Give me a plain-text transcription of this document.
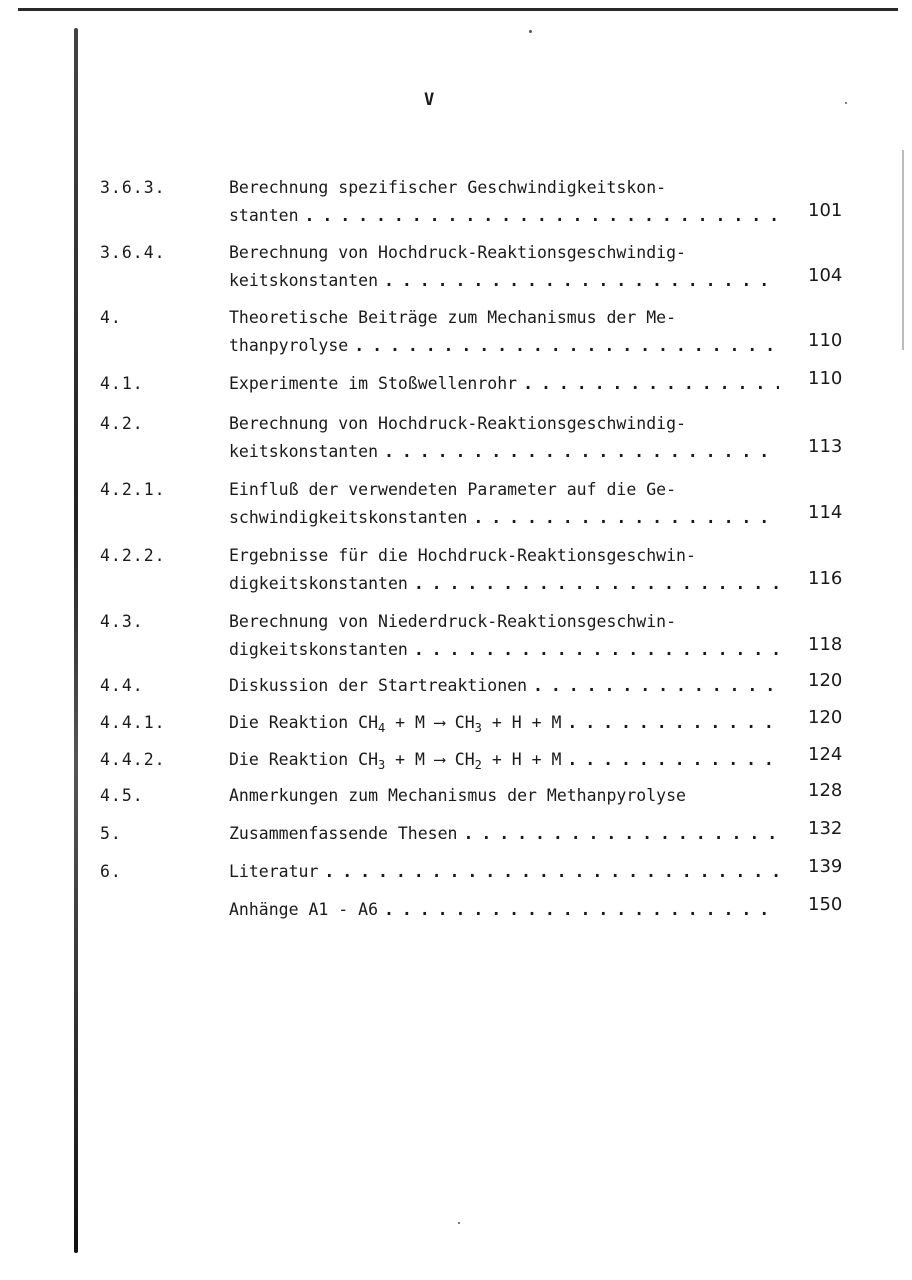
V
3.6.3.	Berechnung spezifischer Geschwindigkeitskon-
stanten . . .	101
3.6.4.	Berechnung von Hochdruck-Reaktionsgeschwindig-
keitskonstanten . . .	104
4.	Theoretische Beiträge zum Mechanismus der Me-
thanpyrolyse . . .	110
4.1.	Experimente im Stoßwellenrohr . . .	110
4.2.	Berechnung von Hochdruck-Reaktionsgeschwindig-
keitskonstanten . . .	113
4.2.1.	Einfluß der verwendeten Parameter auf die Ge-
schwindigkeitskonstanten . . .	114
4.2.2.	Ergebnisse für die Hochdruck-Reaktionsgeschwin-
digkeitskonstanten . . .	116
4.3.	Berechnung von Niederdruck-Reaktionsgeschwin-
digkeitskonstanten . . .	118
4.4.	Diskussion der Startreaktionen . . .	120
4.4.1.	Die Reaktion $CH_4 + M$ ⟶ $CH_3 + H + M$ . . .	120
4.4.2.	Die Reaktion $CH_3 + M$ ⟶ $CH_2 + H + M$ . . .	124
4.5.	Anmerkungen zum Mechanismus der Methanpyrolyse	128
5.	Zusammenfassende Thesen . . .	132
6.	Literatur . . .	139
Anhänge A1 - A6 . . .	150
